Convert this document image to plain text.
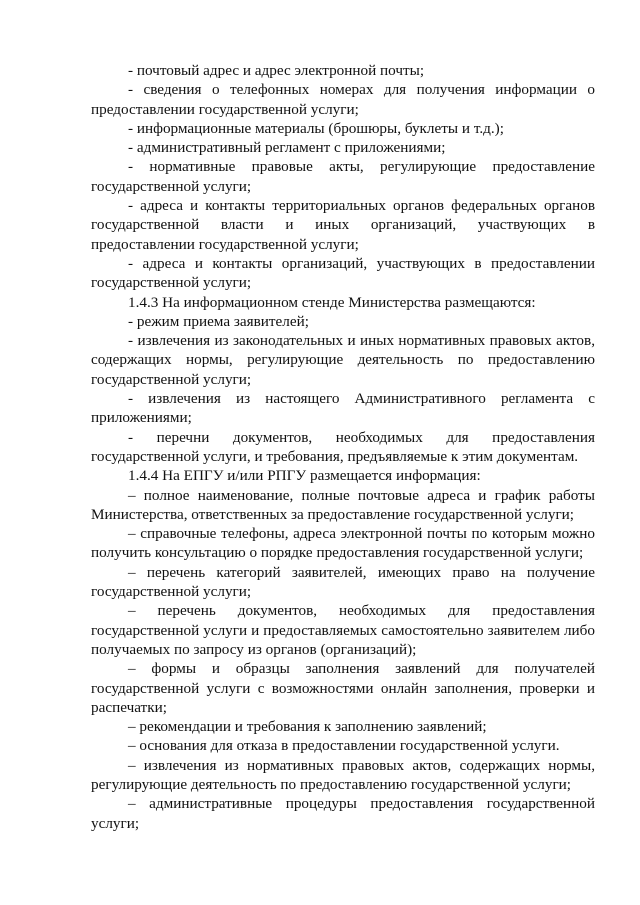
- почтовый адрес и адрес электронной почты;

- сведения о телефонных номерах для получения информации о предоставлении государственной услуги;

- информационные материалы (брошюры, буклеты и т.д.);

- административный регламент с приложениями;

- нормативные правовые акты, регулирующие предоставление государственной услуги;

- адреса и контакты территориальных органов федеральных органов государственной власти и иных организаций, участвующих в предоставлении государственной услуги;

- адреса и контакты организаций, участвующих в предоставлении государственной услуги;

1.4.3 На информационном стенде Министерства размещаются:

- режим приема заявителей;

- извлечения из законодательных и иных нормативных правовых актов, содержащих нормы, регулирующие деятельность по предоставлению государственной услуги;

- извлечения из настоящего Административного регламента с приложениями;

- перечни документов, необходимых для предоставления государственной услуги, и требования, предъявляемые к этим документам.

1.4.4 На ЕПГУ и/или РПГУ размещается информация:

– полное наименование, полные почтовые адреса и график работы Министерства, ответственных за предоставление государственной услуги;

– справочные телефоны, адреса электронной почты по которым можно получить консультацию о порядке предоставления государственной услуги;

– перечень категорий заявителей, имеющих право на получение государственной услуги;

– перечень документов, необходимых для предоставления государственной услуги и предоставляемых самостоятельно заявителем либо получаемых по запросу из органов (организаций);

– формы и образцы заполнения заявлений для получателей государственной услуги с возможностями онлайн заполнения, проверки и распечатки;

– рекомендации и требования к заполнению заявлений;

– основания для отказа в предоставлении государственной услуги.

– извлечения из нормативных правовых актов, содержащих нормы, регулирующие деятельность по предоставлению государственной услуги;

– административные процедуры предоставления государственной услуги;
